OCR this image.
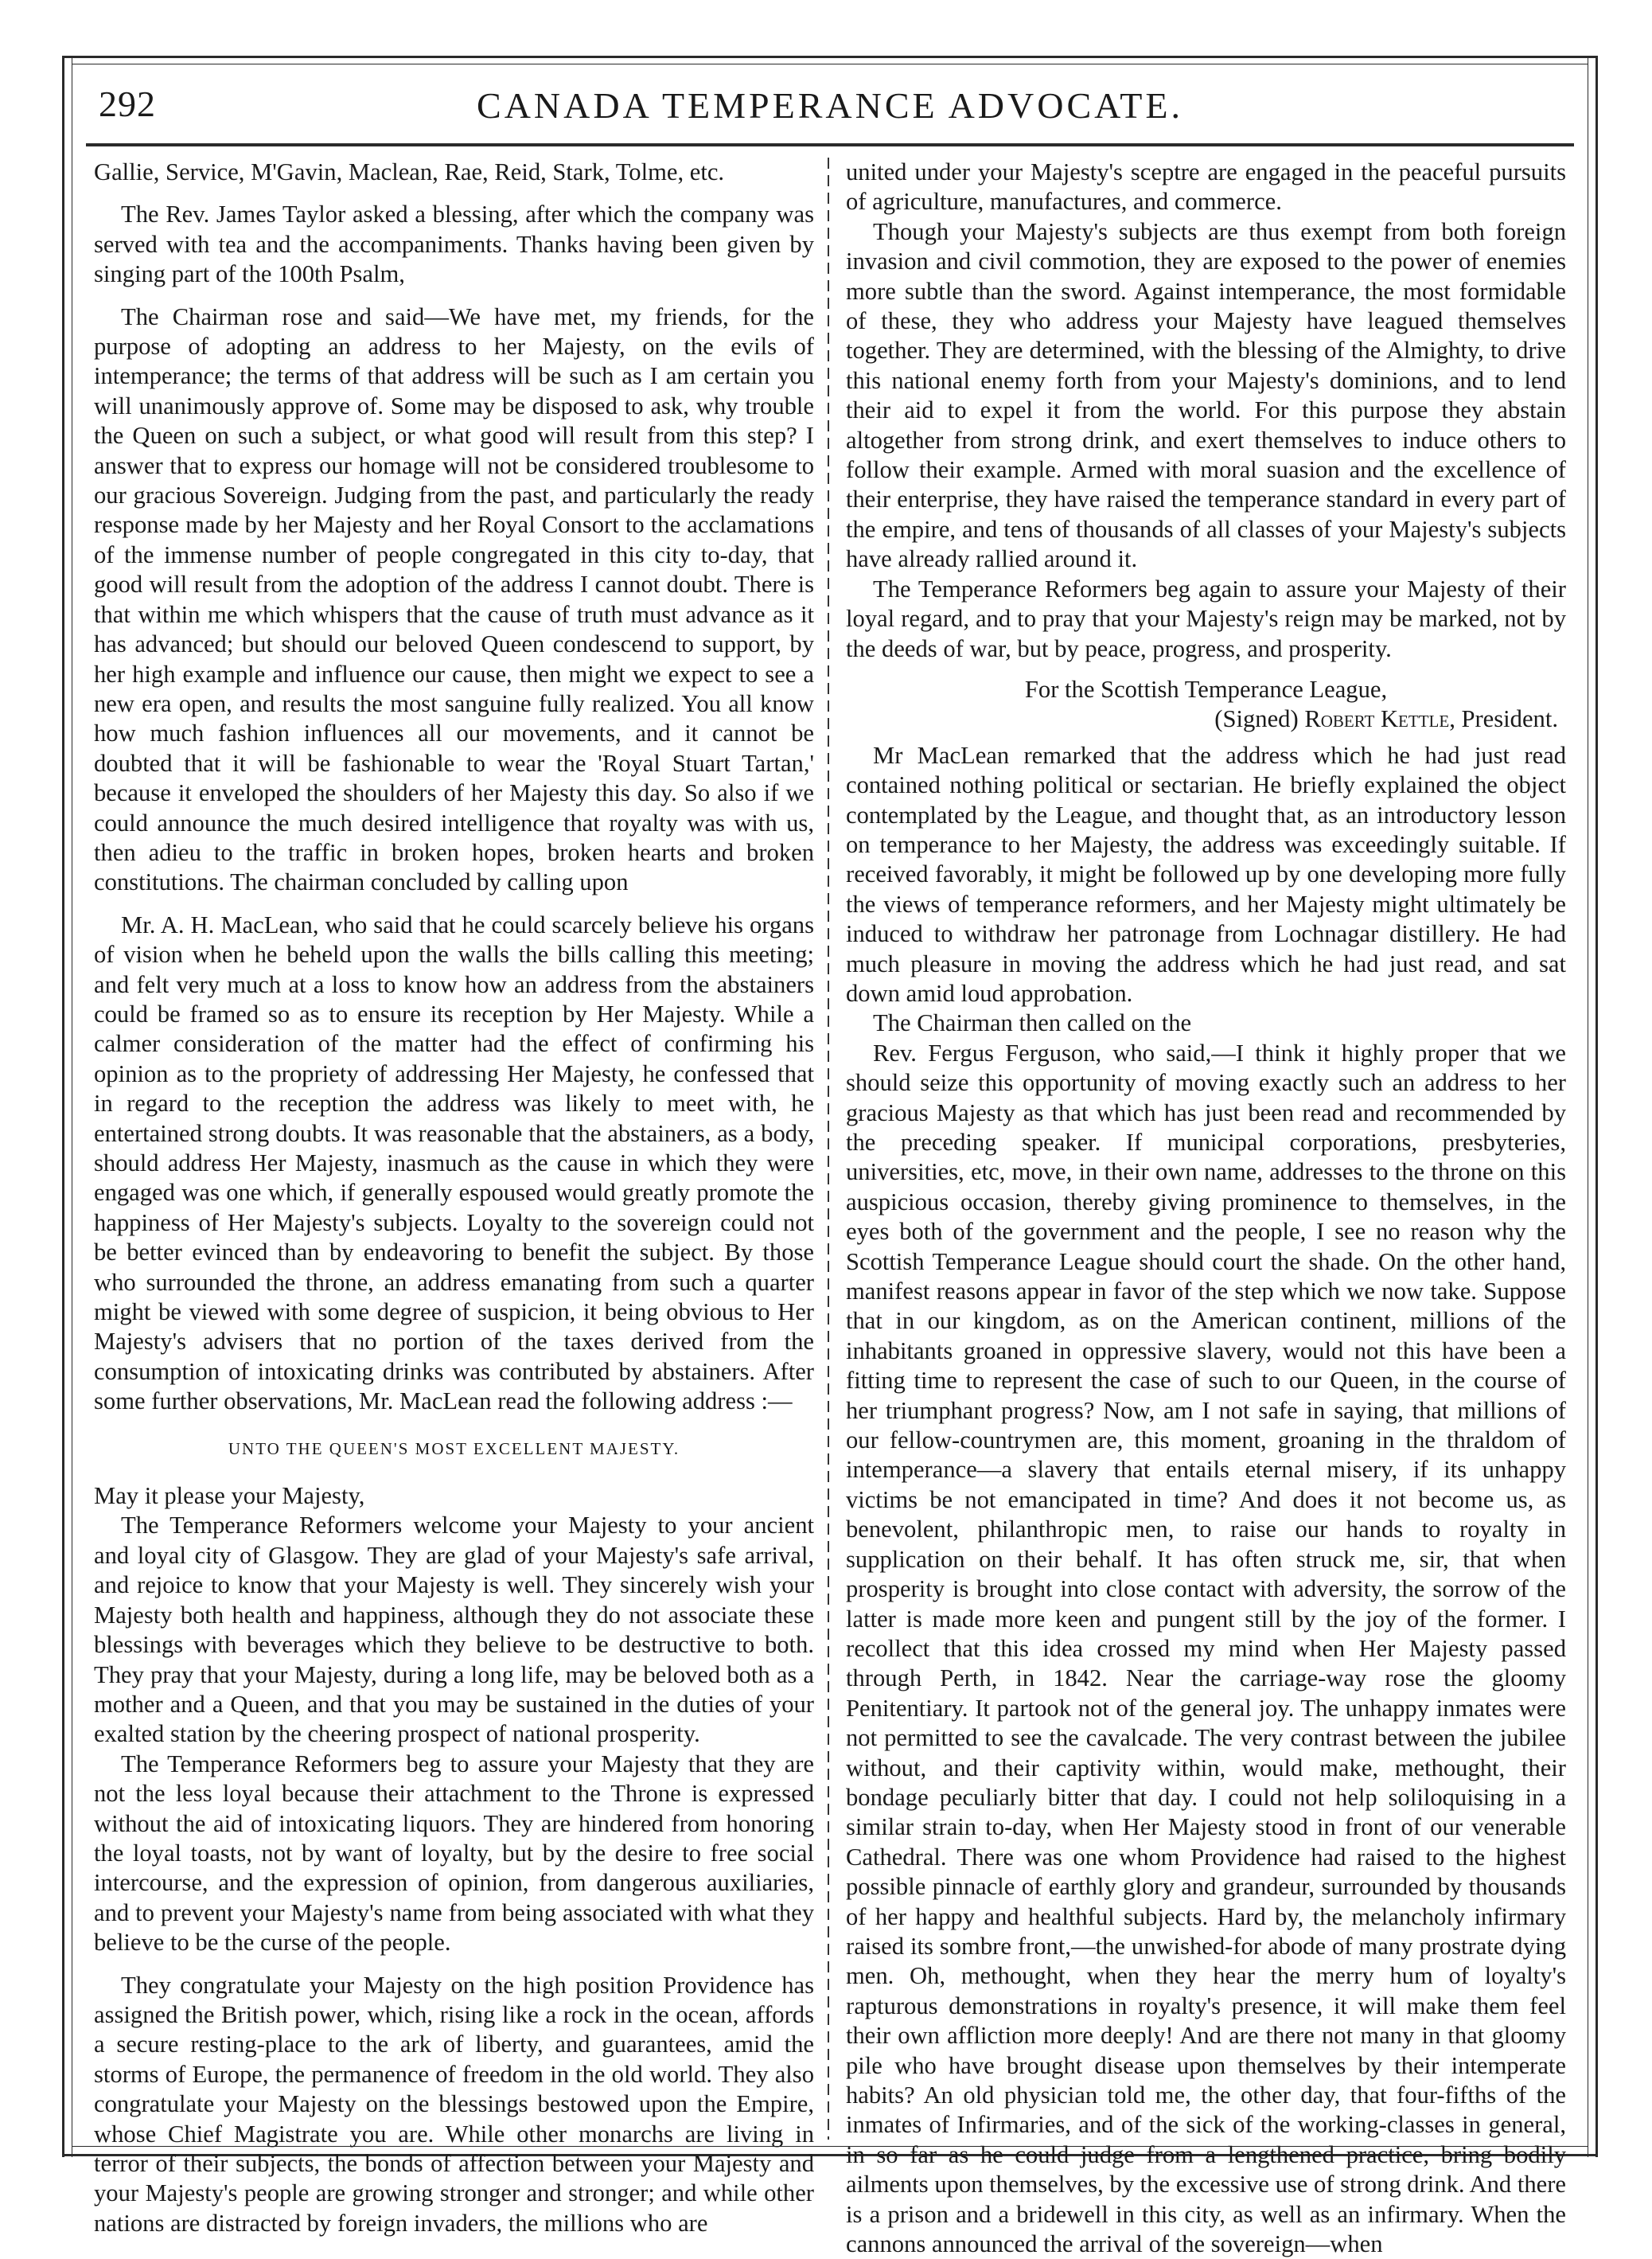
292	CANADA TEMPERANCE ADVOCATE.

Gallie, Service, M'Gavin, Maclean, Rae, Reid, Stark, Tolme, etc.

The Rev. James Taylor asked a blessing, after which the company was served with tea and the accompaniments. Thanks having been given by singing part of the 100th Psalm,

The Chairman rose and said—We have met, my friends, for the purpose of adopting an address to her Majesty, on the evils of intemperance; the terms of that address will be such as I am certain you will unanimously approve of. Some may be disposed to ask, why trouble the Queen on such a subject, or what good will result from this step? I answer that to express our homage will not be considered troublesome to our gracious Sovereign. Judging from the past, and particularly the ready response made by her Majesty and her Royal Consort to the acclamations of the immense number of people congregated in this city to-day, that good will result from the adoption of the address I cannot doubt. There is that within me which whispers that the cause of truth must advance as it has advanced; but should our beloved Queen condescend to support, by her high example and influence our cause, then might we expect to see a new era open, and results the most sanguine fully realized. You all know how much fashion influences all our movements, and it cannot be doubted that it will be fashionable to wear the 'Royal Stuart Tartan,' because it enveloped the shoulders of her Majesty this day. So also if we could announce the much desired intelligence that royalty was with us, then adieu to the traffic in broken hopes, broken hearts and broken constitutions. The chairman concluded by calling upon

Mr. A. H. MacLean, who said that he could scarcely believe his organs of vision when he beheld upon the walls the bills calling this meeting; and felt very much at a loss to know how an address from the abstainers could be framed so as to ensure its reception by Her Majesty. While a calmer consideration of the matter had the effect of confirming his opinion as to the propriety of addressing Her Majesty, he confessed that in regard to the reception the address was likely to meet with, he entertained strong doubts. It was reasonable that the abstainers, as a body, should address Her Majesty, inasmuch as the cause in which they were engaged was one which, if generally espoused would greatly promote the happiness of Her Majesty's subjects. Loyalty to the sovereign could not be better evinced than by endeavoring to benefit the subject. By those who surrounded the throne, an address emanating from such a quarter might be viewed with some degree of suspicion, it being obvious to Her Majesty's advisers that no portion of the taxes derived from the consumption of intoxicating drinks was contributed by abstainers. After some further observations, Mr. MacLean read the following address :—

UNTO THE QUEEN'S MOST EXCELLENT MAJESTY.

May it please your Majesty,

The Temperance Reformers welcome your Majesty to your ancient and loyal city of Glasgow. They are glad of your Majesty's safe arrival, and rejoice to know that your Majesty is well. They sincerely wish your Majesty both health and happiness, although they do not associate these blessings with beverages which they believe to be destructive to both. They pray that your Majesty, during a long life, may be beloved both as a mother and a Queen, and that you may be sustained in the duties of your exalted station by the cheering prospect of national prosperity.

The Temperance Reformers beg to assure your Majesty that they are not the less loyal because their attachment to the Throne is expressed without the aid of intoxicating liquors. They are hindered from honoring the loyal toasts, not by want of loyalty, but by the desire to free social intercourse, and the expression of opinion, from dangerous auxiliaries, and to prevent your Majesty's name from being associated with what they believe to be the curse of the people.

They congratulate your Majesty on the high position Providence has assigned the British power, which, rising like a rock in the ocean, affords a secure resting-place to the ark of liberty, and guarantees, amid the storms of Europe, the permanence of freedom in the old world. They also congratulate your Majesty on the blessings bestowed upon the Empire, whose Chief Magistrate you are. While other monarchs are living in terror of their subjects, the bonds of affection between your Majesty and your Majesty's people are growing stronger and stronger; and while other nations are distracted by foreign invaders, the millions who are

united under your Majesty's sceptre are engaged in the peaceful pursuits of agriculture, manufactures, and commerce.

Though your Majesty's subjects are thus exempt from both foreign invasion and civil commotion, they are exposed to the power of enemies more subtle than the sword. Against intemperance, the most formidable of these, they who address your Majesty have leagued themselves together. They are determined, with the blessing of the Almighty, to drive this national enemy forth from your Majesty's dominions, and to lend their aid to expel it from the world. For this purpose they abstain altogether from strong drink, and exert themselves to induce others to follow their example. Armed with moral suasion and the excellence of their enterprise, they have raised the temperance standard in every part of the empire, and tens of thousands of all classes of your Majesty's subjects have already rallied around it.

The Temperance Reformers beg again to assure your Majesty of their loyal regard, and to pray that your Majesty's reign may be marked, not by the deeds of war, but by peace, progress, and prosperity.

For the Scottish Temperance League,

(Signed) Robert Kettle, President.

Mr MacLean remarked that the address which he had just read contained nothing political or sectarian. He briefly explained the object contemplated by the League, and thought that, as an introductory lesson on temperance to her Majesty, the address was exceedingly suitable. If received favorably, it might be followed up by one developing more fully the views of temperance reformers, and her Majesty might ultimately be induced to withdraw her patronage from Lochnagar distillery. He had much pleasure in moving the address which he had just read, and sat down amid loud approbation.

The Chairman then called on the

Rev. Fergus Ferguson, who said,—I think it highly proper that we should seize this opportunity of moving exactly such an address to her gracious Majesty as that which has just been read and recommended by the preceding speaker. If municipal corporations, presbyteries, universities, etc, move, in their own name, addresses to the throne on this auspicious occasion, thereby giving prominence to themselves, in the eyes both of the government and the people, I see no reason why the Scottish Temperance League should court the shade. On the other hand, manifest reasons appear in favor of the step which we now take. Suppose that in our kingdom, as on the American continent, millions of the inhabitants groaned in oppressive slavery, would not this have been a fitting time to represent the case of such to our Queen, in the course of her triumphant progress? Now, am I not safe in saying, that millions of our fellow-countrymen are, this moment, groaning in the thraldom of intemperance—a slavery that entails eternal misery, if its unhappy victims be not emancipated in time? And does it not become us, as benevolent, philanthropic men, to raise our hands to royalty in supplication on their behalf. It has often struck me, sir, that when prosperity is brought into close contact with adversity, the sorrow of the latter is made more keen and pungent still by the joy of the former. I recollect that this idea crossed my mind when Her Majesty passed through Perth, in 1842. Near the carriage-way rose the gloomy Penitentiary. It partook not of the general joy. The unhappy inmates were not permitted to see the cavalcade. The very contrast between the jubilee without, and their captivity within, would make, methought, their bondage peculiarly bitter that day. I could not help soliloquising in a similar strain to-day, when Her Majesty stood in front of our venerable Cathedral. There was one whom Providence had raised to the highest possible pinnacle of earthly glory and grandeur, surrounded by thousands of her happy and healthful subjects. Hard by, the melancholy infirmary raised its sombre front,—the unwished-for abode of many prostrate dying men. Oh, methought, when they hear the merry hum of loyalty's rapturous demonstrations in royalty's presence, it will make them feel their own affliction more deeply! And are there not many in that gloomy pile who have brought disease upon themselves by their intemperate habits? An old physician told me, the other day, that four-fifths of the inmates of Infirmaries, and of the sick of the working-classes in general, in so far as he could judge from a lengthened practice, bring bodily ailments upon themselves, by the excessive use of strong drink. And there is a prison and a bridewell in this city, as well as an infirmary. When the cannons announced the arrival of the sovereign—when
